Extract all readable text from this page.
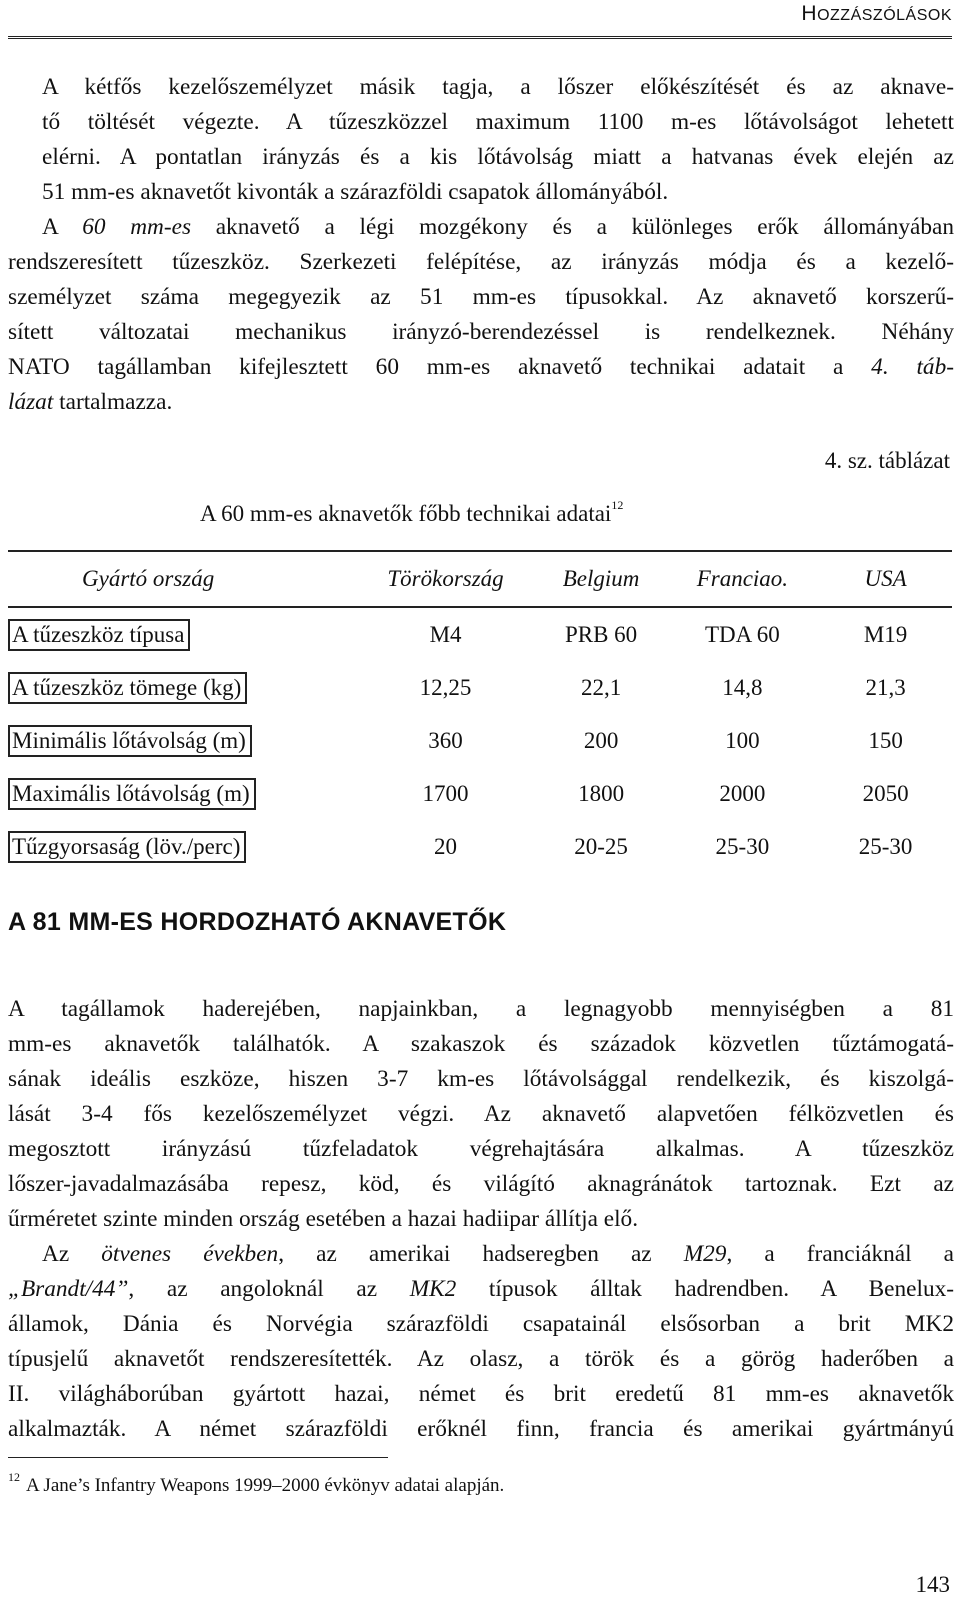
HOZZÁSZÓLÁSOK
A kétfős kezelőszemélyzet másik tagja, a lőszer előkészítését és az aknave-
tő töltését végezte. A tűzeszközzel maximum 1100 m-es lőtávolságot lehetett
elérni. A pontatlan irányzás és a kis lőtávolság miatt a hatvanas évek elején az
51 mm-es aknavetőt kivonták a szárazföldi csapatok állományából.
A 60 mm-es aknavető a légi mozgékony és a különleges erők állományában
rendszeresített tűzeszköz. Szerkezeti felépítése, az irányzás módja és a kezelő-
személyzet száma megegyezik az 51 mm-es típusokkal. Az aknavető korszerű-
sített változatai mechanikus irányzó-berendezéssel is rendelkeznek. Néhány
NATO tagállamban kifejlesztett 60 mm-es aknavető technikai adatait a 4. táb-
lázat tartalmazza.
4. sz. táblázat
A 60 mm-es aknavetők főbb technikai adatai$^{12}$
Gyártó ország	Törökország	Belgium	Franciao.	USA
A tűzeszköz típusa	M4	PRB 60	TDA 60	M19
A tűzeszköz tömege (kg)	12,25	22,1	14,8	21,3
Minimális lőtávolság (m)	360	200	100	150
Maximális lőtávolság (m)	1700	1800	2000	2050
Tűzgyorsaság (löv./perc)	20	20-25	25-30	25-30
A 81 MM-ES HORDOZHATÓ AKNAVETŐK
A tagállamok haderejében, napjainkban, a legnagyobb mennyiségben a 81
mm-es aknavetők találhatók. A szakaszok és századok közvetlen tűztámogatá-
sának ideális eszköze, hiszen 3-7 km-es lőtávolsággal rendelkezik, és kiszolgá-
lását 3-4 fős kezelőszemélyzet végzi. Az aknavető alapvetően félközvetlen és
megosztott irányzású tűzfeladatok végrehajtására alkalmas. A tűzeszköz
lőszer-javadalmazásába repesz, köd, és világító aknagránátok tartoznak. Ezt az
űrméretet szinte minden ország esetében a hazai hadiipar állítja elő.
Az ötvenes években, az amerikai hadseregben az M29, a franciáknál a
„Brandt/44”, az angoloknál az MK2 típusok álltak hadrendben. A Benelux-
államok, Dánia és Norvégia szárazföldi csapatainál elsősorban a brit MK2
típusjelű aknavetőt rendszeresítették. Az olasz, a török és a görög haderőben a
II. világháborúban gyártott hazai, német és brit eredetű 81 mm-es aknavetők
alkalmazták. A német szárazföldi erőknél finn, francia és amerikai gyártmányú
$^{12}$ A Jane’s Infantry Weapons 1999–2000 évkönyv adatai alapján.
143
